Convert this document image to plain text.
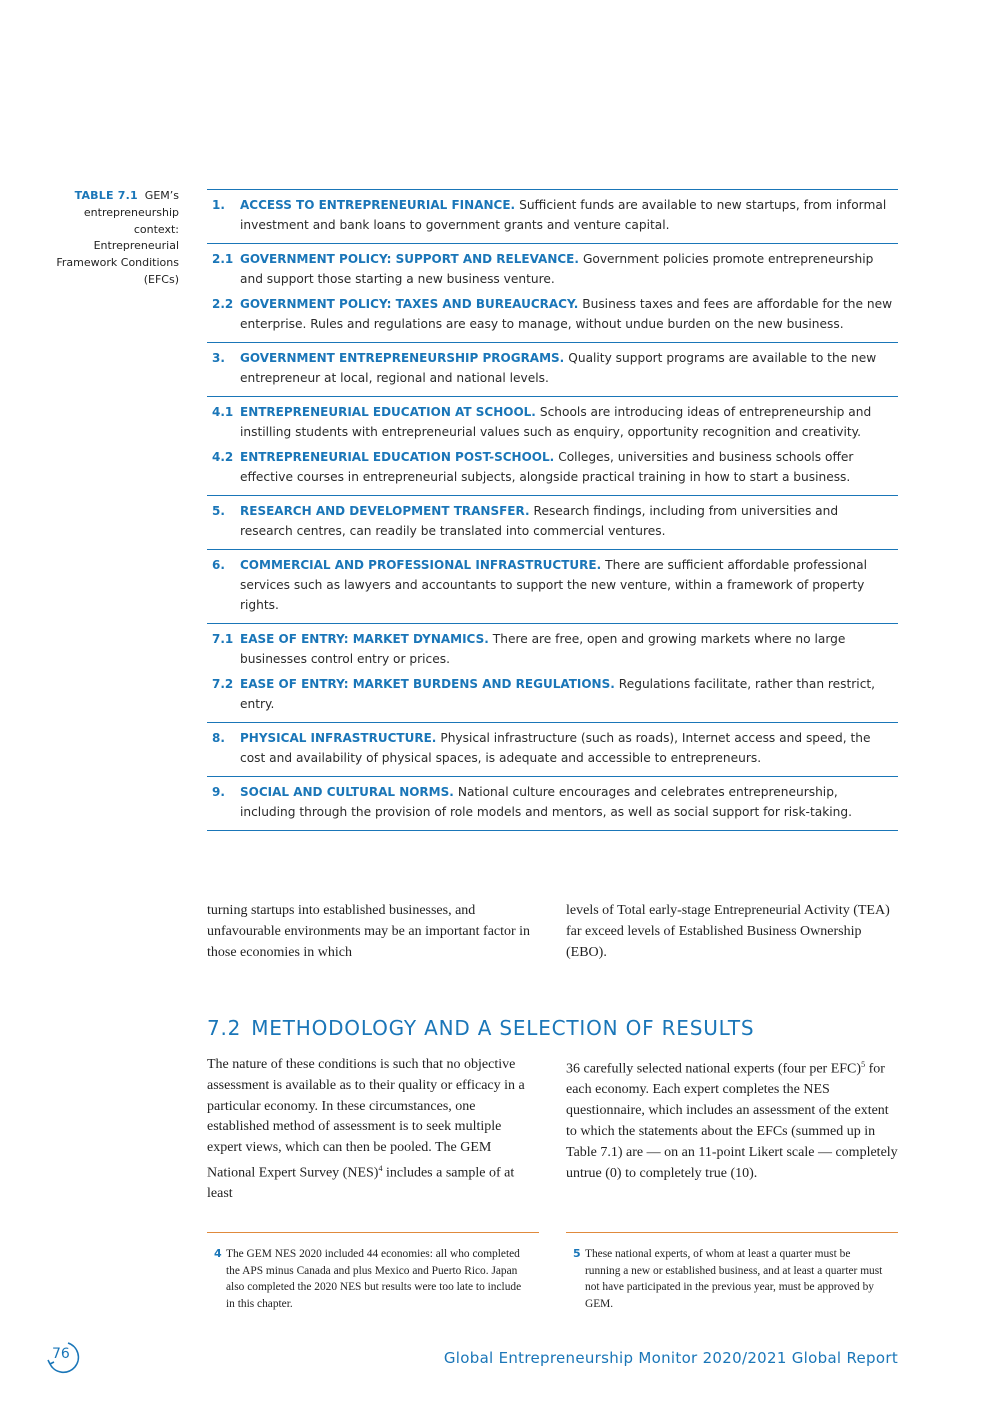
TABLE 7.1 GEM’s entrepreneurship context: Entrepreneurial Framework Conditions (EFCs)
1.	ACCESS TO ENTREPRENEURIAL FINANCE. Sufficient funds are available to new startups, from informal investment and bank loans to government grants and venture capital.
2.1 GOVERNMENT POLICY: SUPPORT AND RELEVANCE. Government policies promote entrepreneurship and support those starting a new business venture.
2.2 GOVERNMENT POLICY: TAXES AND BUREAUCRACY. Business taxes and fees are affordable for the new enterprise. Rules and regulations are easy to manage, without undue burden on the new business.
3.	GOVERNMENT ENTREPRENEURSHIP PROGRAMS. Quality support programs are available to the new entrepreneur at local, regional and national levels.
4.1 ENTREPRENEURIAL EDUCATION AT SCHOOL. Schools are introducing ideas of entrepreneurship and instilling students with entrepreneurial values such as enquiry, opportunity recognition and creativity.
4.2 ENTREPRENEURIAL EDUCATION POST-SCHOOL. Colleges, universities and business schools offer effective courses in entrepreneurial subjects, alongside practical training in how to start a business.
5.	RESEARCH AND DEVELOPMENT TRANSFER. Research findings, including from universities and research centres, can readily be translated into commercial ventures.
6.	COMMERCIAL AND PROFESSIONAL INFRASTRUCTURE. There are sufficient affordable professional services such as lawyers and accountants to support the new venture, within a framework of property rights.
7.1 EASE OF ENTRY: MARKET DYNAMICS. There are free, open and growing markets where no large businesses control entry or prices.
7.2 EASE OF ENTRY: MARKET BURDENS AND REGULATIONS. Regulations facilitate, rather than restrict, entry.
8.	PHYSICAL INFRASTRUCTURE. Physical infrastructure (such as roads), Internet access and speed, the cost and availability of physical spaces, is adequate and accessible to entrepreneurs.
9.	SOCIAL AND CULTURAL NORMS. National culture encourages and celebrates entrepreneurship, including through the provision of role models and mentors, as well as social support for risk-taking.
turning startups into established businesses, and unfavourable environments may be an important factor in those economies in which
levels of Total early-stage Entrepreneurial Activity (TEA) far exceed levels of Established Business Ownership (EBO).
7.2 METHODOLOGY AND A SELECTION OF RESULTS
The nature of these conditions is such that no objective assessment is available as to their quality or efficacy in a particular economy. In these circumstances, one established method of assessment is to seek multiple expert views, which can then be pooled. The GEM National Expert Survey (NES)$^4$ includes a sample of at least
36 carefully selected national experts (four per EFC)$^5$ for each economy. Each expert completes the NES questionnaire, which includes an assessment of the extent to which the statements about the EFCs (summed up in Table 7.1) are — on an 11-point Likert scale — completely untrue (0) to completely true (10).
4 The GEM NES 2020 included 44 economies: all who completed the APS minus Canada and plus Mexico and Puerto Rico. Japan also completed the 2020 NES but results were too late to include in this chapter.
5 These national experts, of whom at least a quarter must be running a new or established business, and at least a quarter must not have participated in the previous year, must be approved by GEM.
76	Global Entrepreneurship Monitor 2020/2021 Global Report
